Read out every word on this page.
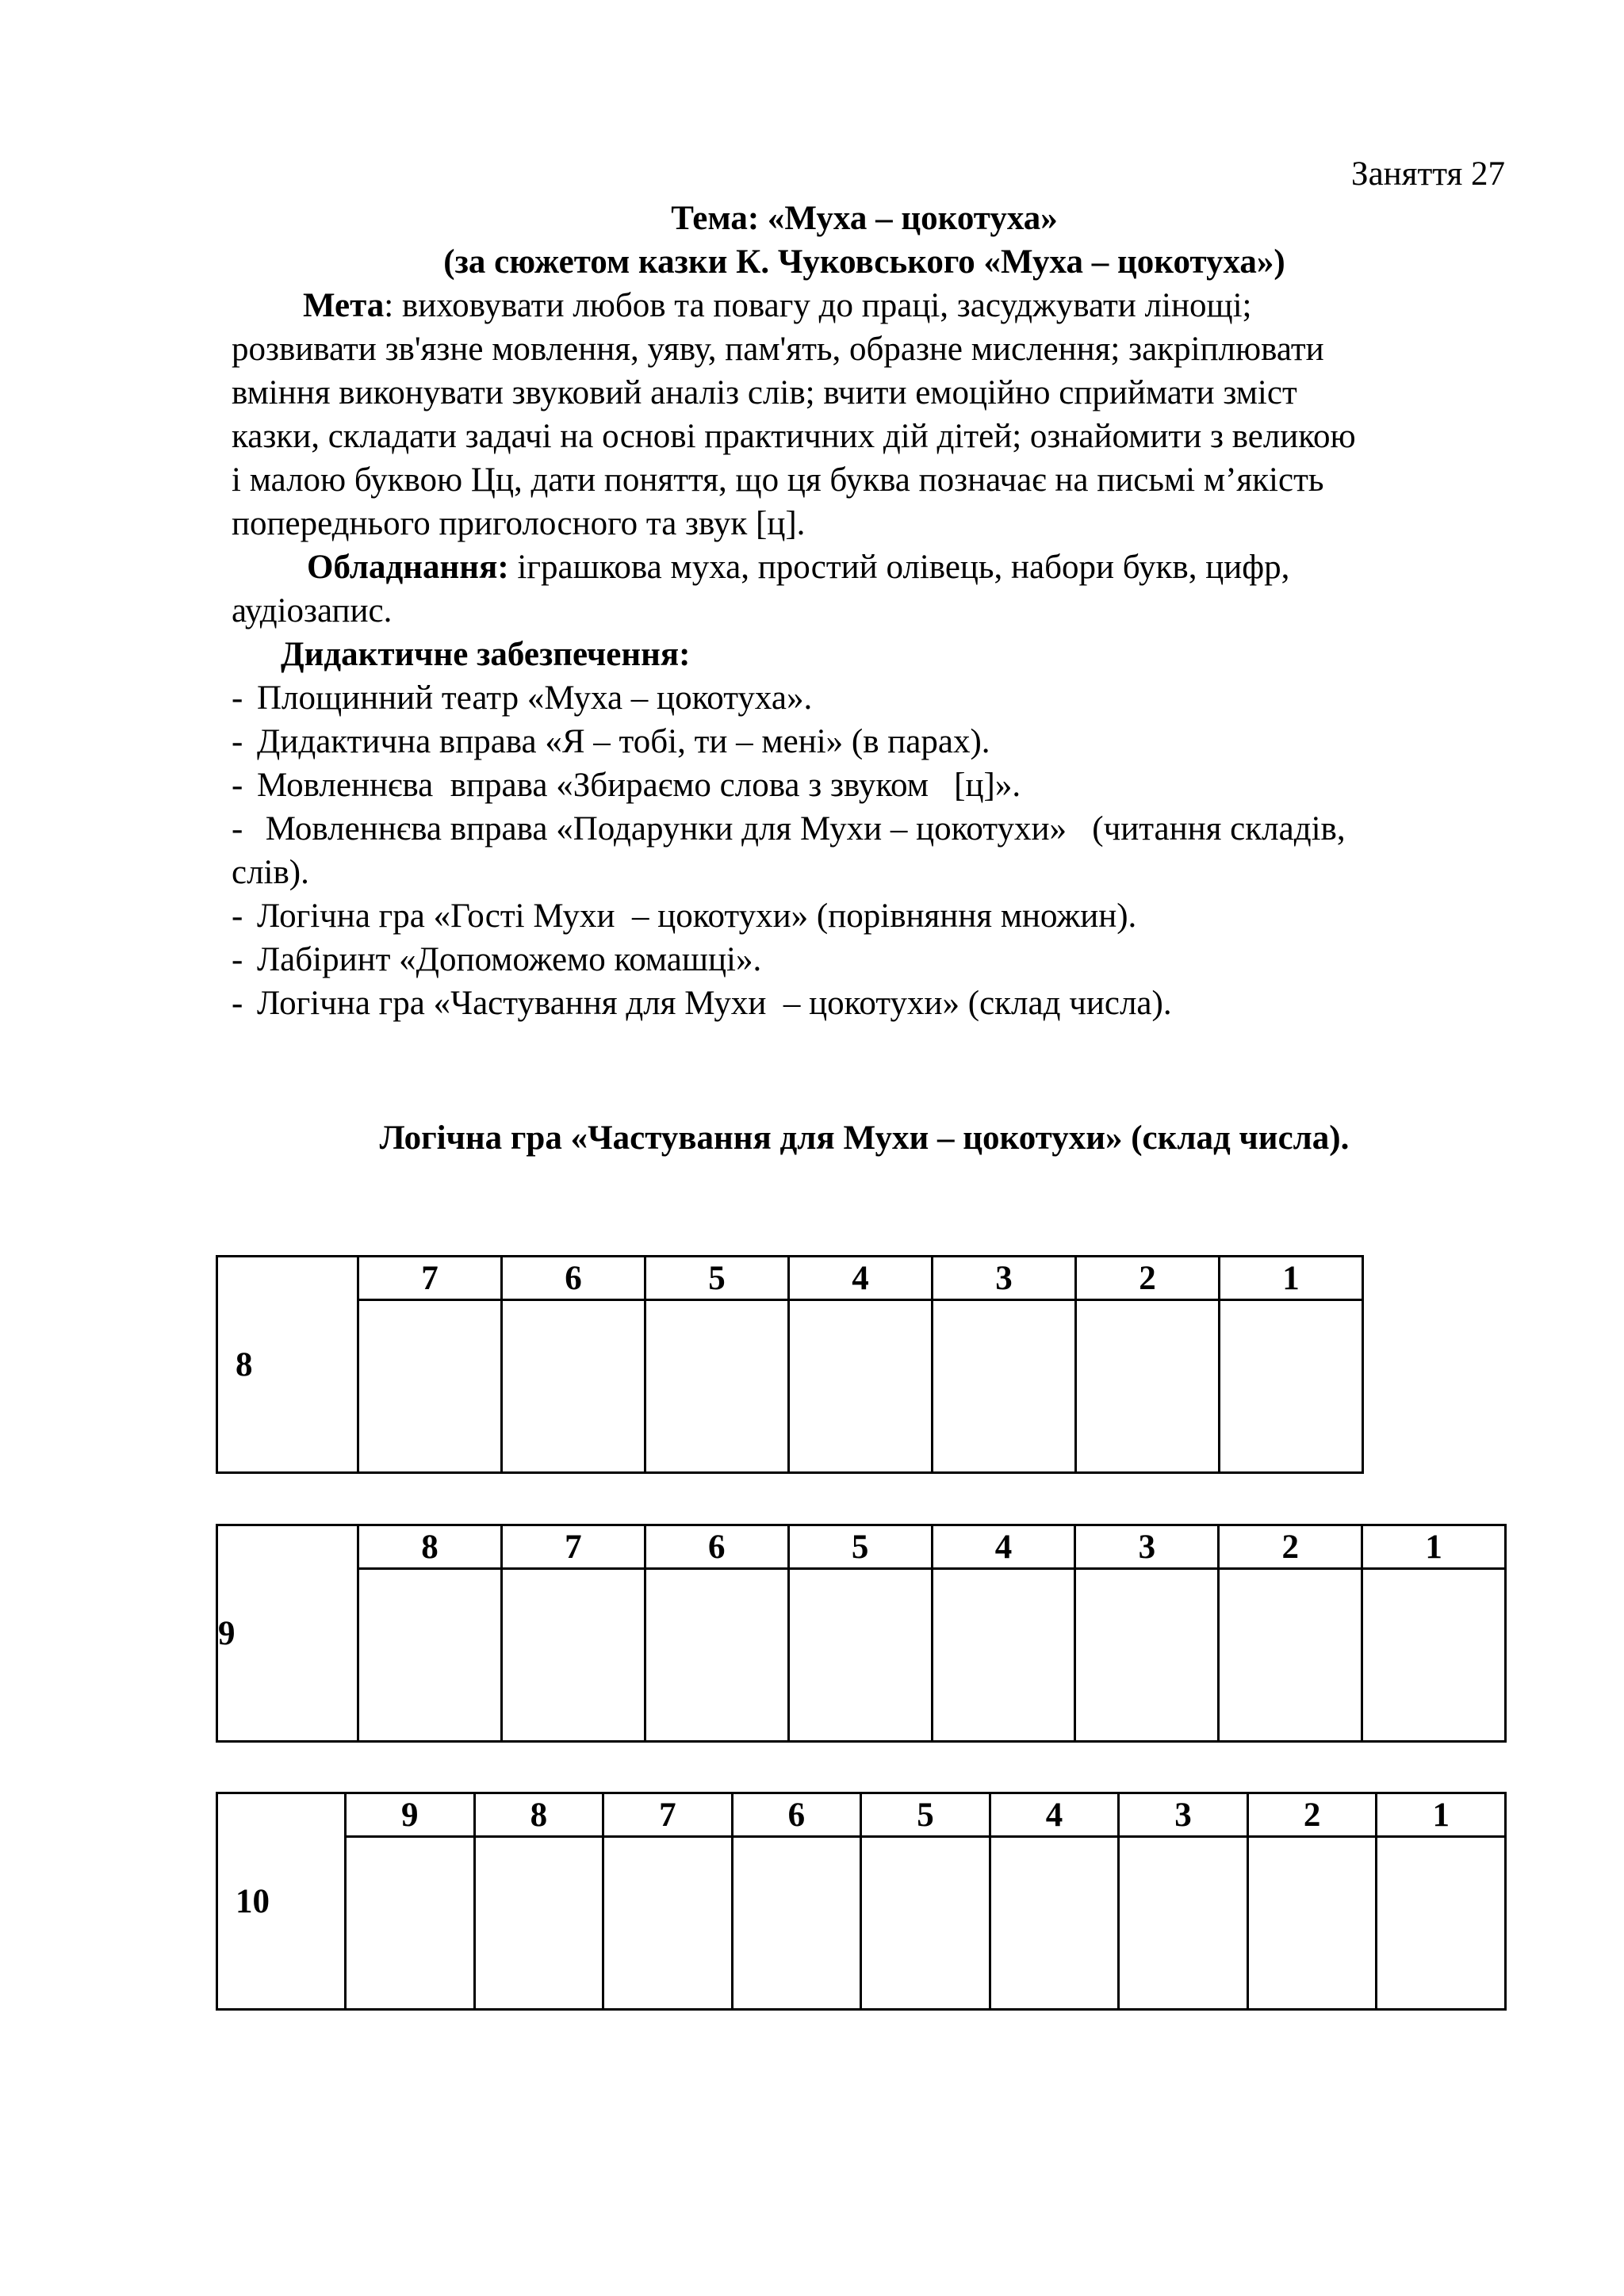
Заняття 27
Тема: «Муха – цокотуха»
(за сюжетом казки К. Чуковського «Муха – цокотуха»)
Мета: виховувати любов та повагу до праці, засуджувати лінощі;
розвивати зв'язне мовлення, уяву, пам'ять, образне мислення; закріплювати
вміння виконувати звуковий аналіз слів; вчити емоційно сприймати зміст
казки, складати задачі на основі практичних дій дітей; ознайомити з великою
і малою буквою Цц, дати поняття, що ця буква позначає на письмі м’якість
попереднього приголосного та звук [ц].
Обладнання: іграшкова муха, простий олівець, набори букв, цифр,
аудіозапис.
Дидактичне забезпечення:
- Площинний театр «Муха – цокотуха».
- Дидактична вправа «Я – тобі, ти – мені» (в парах).
- Мовленнєва  вправа «Збираємо слова з звуком   [ц]».
- Мовленнєва вправа «Подарунки для Мухи – цокотухи»   (читання складів,
слів).
- Логічна гра «Гості Мухи  – цокотухи» (порівняння множин).
- Лабіринт «Допоможемо комашці».
- Логічна гра «Частування для Мухи  – цокотухи» (склад числа).
Логічна гра «Частування для Мухи – цокотухи» (склад числа).
8	7	6	5	4	3	2	1

9	8	7	6	5	4	3	2	1

10	9	8	7	6	5	4	3	2	1
